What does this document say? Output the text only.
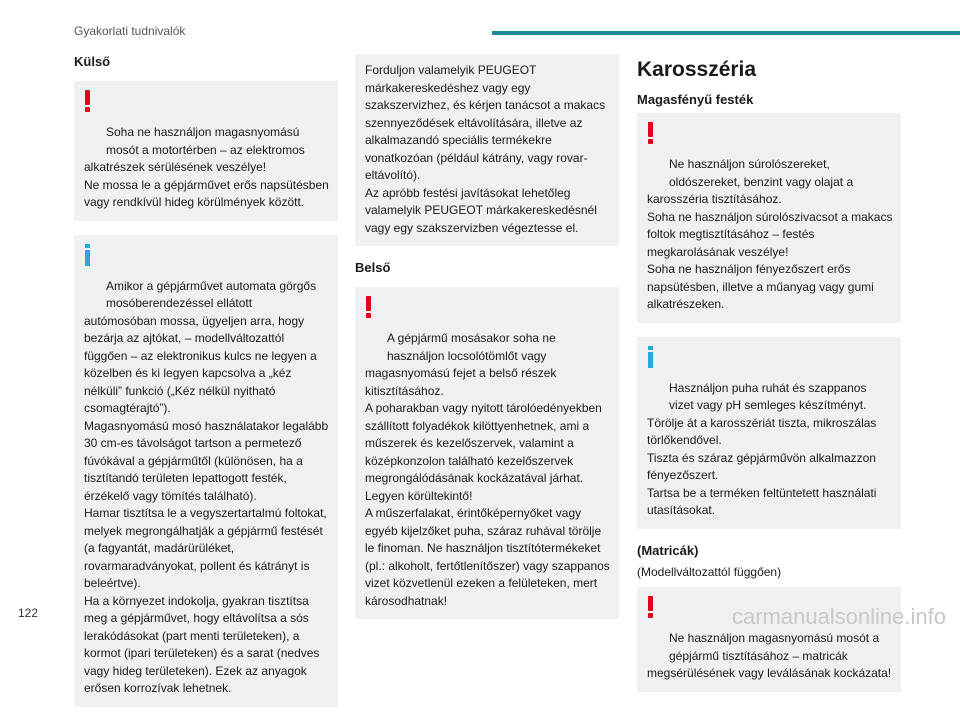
Gyakorlati tudnivalók
Külső

Soha ne használjon magasnyomású mosót a motortérben – az elektromos
alkatrészek sérülésének veszélye!
Ne mossa le a gépjárművet erős napsütésben vagy rendkívül hideg körülmények között.

Amikor a gépjárművet automata görgős mosóberendezéssel ellátott
autómosóban mossa, ügyeljen arra, hogy bezárja az ajtókat, – modellváltozattól függően – az elektronikus kulcs ne legyen a közelben és ki legyen kapcsolva a „kéz nélküli” funkció („Kéz nélkül nyitható csomagtérajtó”).
Magasnyomású mosó használatakor legalább 30 cm-es távolságot tartson a permetező fúvókával a gépjárműtől (különösen, ha a tisztítandó területen lepattogott festék, érzékelő vagy tömítés található).
Hamar tisztítsa le a vegyszertartalmú foltokat, melyek megrongálhatják a gépjármű festését (a fagyantát, madárürüléket, rovarmaradványokat, pollent és kátrányt is beleértve).
Ha a környezet indokolja, gyakran tisztítsa meg a gépjárművet, hogy eltávolítsa a sós lerakódásokat (part menti területeken), a kormot (ipari területeken) és a sarat (nedves vagy hideg területeken). Ezek az anyagok erősen korrozívak lehetnek.

Forduljon valamelyik PEUGEOT márkakereskedéshez vagy egy szakszervizhez, és kérjen tanácsot a makacs szennyeződések eltávolítására, illetve az alkalmazandó speciális termékekre vonatkozóan (például kátrány, vagy rovar-eltávolító).
Az apróbb festési javításokat lehetőleg valamelyik PEUGEOT márkakereskedésnél vagy egy szakszervizben végeztesse el.
Belső

A gépjármű mosásakor soha ne használjon locsolótömlőt vagy
magasnyomású fejet a belső részek kitisztításához.
A poharakban vagy nyitott tárolóedényekben szállított folyadékok kilöttyenhetnek, ami a műszerek és kezelőszervek, valamint a középkonzolon található kezelőszervek megrongálódásának kockázatával járhat. Legyen körültekintő!
A műszerfalakat, érintőképernyőket vagy egyéb kijelzőket puha, száraz ruhával törölje le finoman. Ne használjon tisztítótermékeket (pl.: alkoholt, fertőtlenítőszer) vagy szappanos vizet közvetlenül ezeken a felületeken, mert károsodhatnak!

Karosszéria
Magasfényű festék

Ne használjon súrolószereket, oldószereket, benzint vagy olajat a
karosszéria tisztításához.
Soha ne használjon súrolószivacsot a makacs foltok megtisztításához – festés megkarolásának veszélye!
Soha ne használjon fényezőszert erős napsütésben, illetve a műanyag vagy gumi alkatrészeken.

Használjon puha ruhát és szappanos vizet vagy pH semleges készítményt.
Törölje át a karosszériát tiszta, mikroszálas törlőkendővel.
Tiszta és száraz gépjárművön alkalmazzon fényezőszert.
Tartsa be a terméken feltüntetett használati utasításokat.

(Matricák)
(Modellváltozattól függően)

Ne használjon magasnyomású mosót a gépjármű tisztításához – matricák
megsérülésének vagy leválásának kockázata!

122	carmanualsonline.info
